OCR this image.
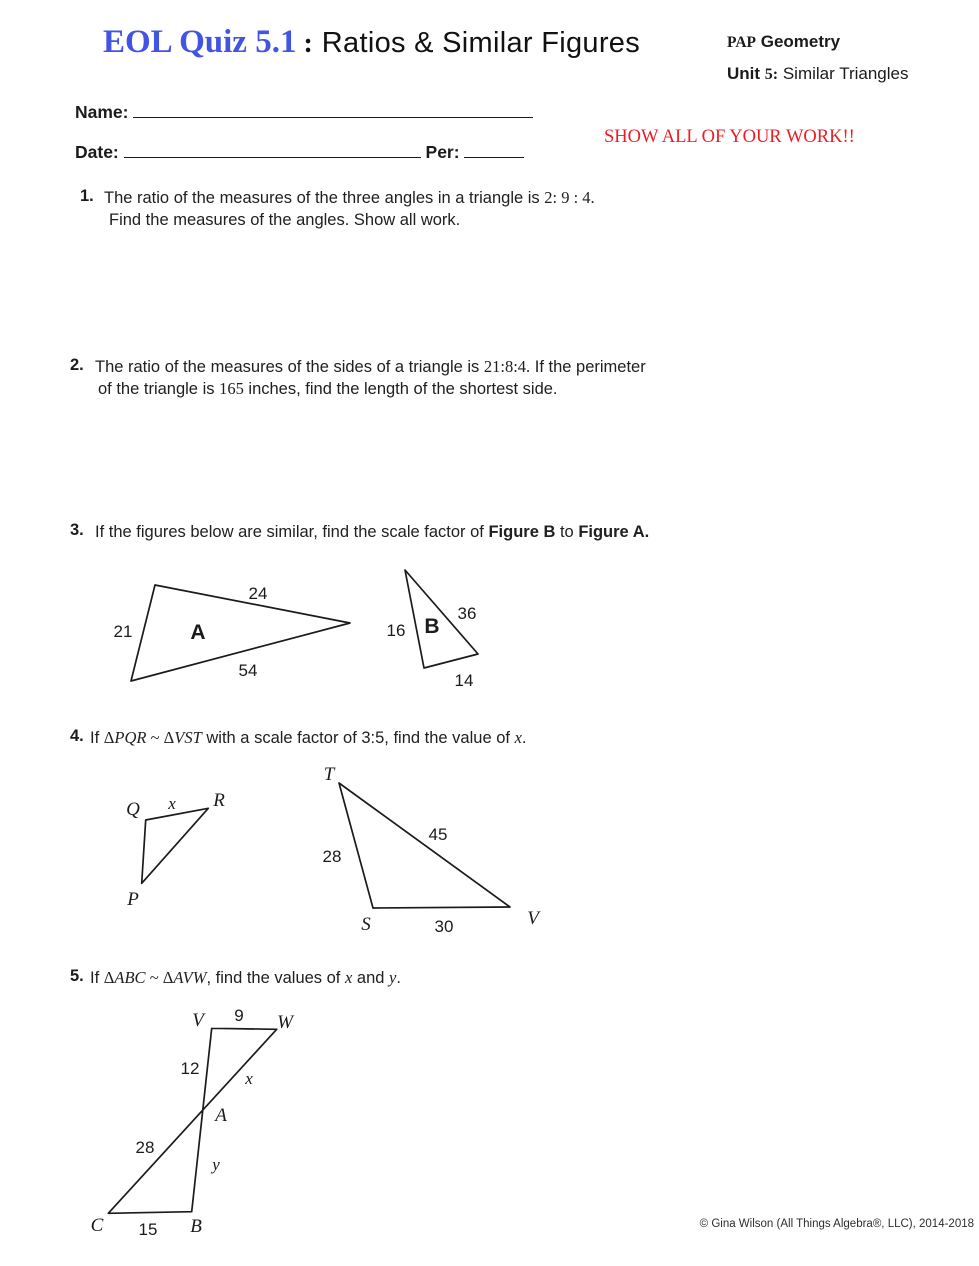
EOL Quiz 5.1 : Ratios & Similar Figures	PAP Geometry
Unit 5: Similar Triangles
Name:
Date:	Per:
SHOW ALL OF YOUR WORK!!
1. The ratio of the measures of the three angles in a triangle is 2: 9 : 4.
Find the measures of the angles. Show all work.
2. The ratio of the measures of the sides of a triangle is 21:8:4. If the perimeter
of the triangle is 165 inches, find the length of the shortest side.
3. If the figures below are similar, find the scale factor of Figure B to Figure A.
24
21	A
54
16 B
36
14
4. If ΔPQR ~ ΔVST with a scale factor of 3:5, find the value of x.
Q x R
P
T
28
45
S	30	V
5. If ΔABC ~ ΔAVW, find the values of x and y.
V 9 W
12
x
A
28
y
C 15 B	© Gina Wilson (All Things Algebra®, LLC), 2014-2018
